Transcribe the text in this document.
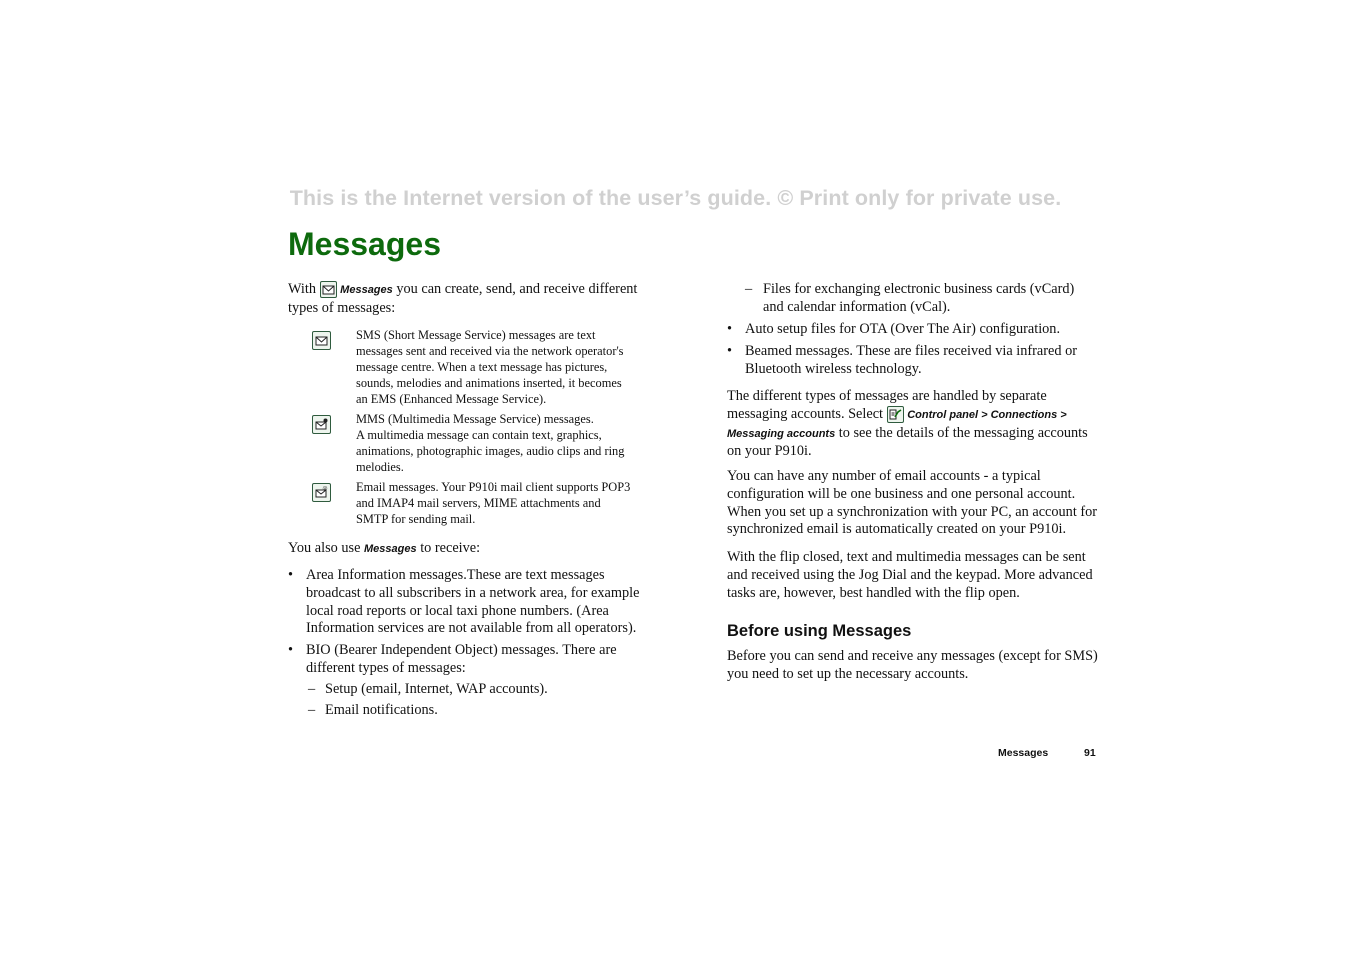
This is the Internet version of the user’s guide. © Print only for private use.
Messages
With Messages you can create, send, and receive different
types of messages:
SMS (Short Message Service) messages are text
messages sent and received via the network operator's
message centre. When a text message has pictures,
sounds, melodies and animations inserted, it becomes
an EMS (Enhanced Message Service).
MMS (Multimedia Message Service) messages.
A multimedia message can contain text, graphics,
animations, photographic images, audio clips and ring
melodies.
@ Email messages. Your P910i mail client supports POP3
and IMAP4 mail servers, MIME attachments and
SMTP for sending mail.
You also use Messages to receive:
• Area Information messages.These are text messages
broadcast to all subscribers in a network area, for example
local road reports or local taxi phone numbers. (Area
Information services are not available from all operators).
• BIO (Bearer Independent Object) messages. There are
different types of messages:
– Setup (email, Internet, WAP accounts).
– Email notifications.
– Files for exchanging electronic business cards (vCard)
and calendar information (vCal).
• Auto setup files for OTA (Over The Air) configuration.
• Beamed messages. These are files received via infrared or
Bluetooth wireless technology.
The different types of messages are handled by separate
messaging accounts. Select Control panel > Connections >
Messaging accounts to see the details of the messaging accounts
on your P910i.
You can have any number of email accounts - a typical
configuration will be one business and one personal account.
When you set up a synchronization with your PC, an account for
synchronized email is automatically created on your P910i.
With the flip closed, text and multimedia messages can be sent
and received using the Jog Dial and the keypad. More advanced
tasks are, however, best handled with the flip open.
Before using Messages
Before you can send and receive any messages (except for SMS)
you need to set up the necessary accounts.
Messages	91
